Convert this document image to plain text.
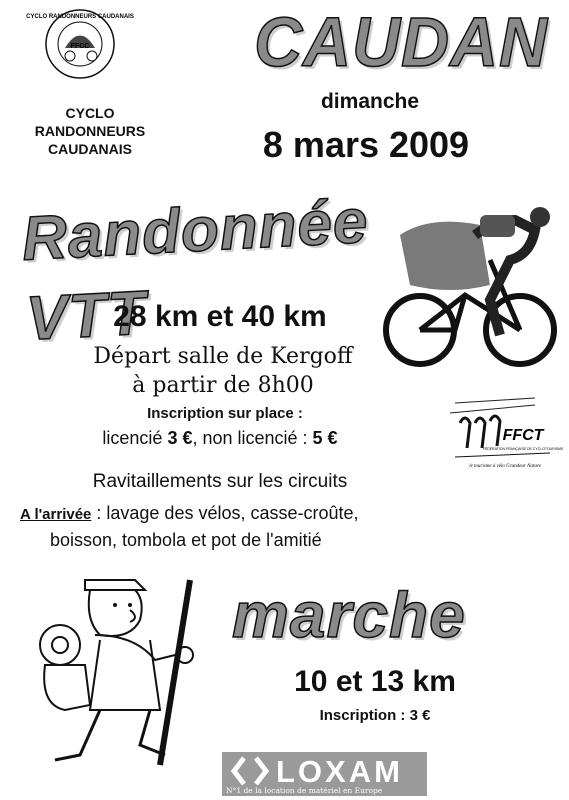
FFCC
CYCLO RANDONNEURS CAUDANAIS
CYCLO
RANDONNEURS
CAUDANAIS
CAUDAN
dimanche
8 mars 2009
Randonnée VTT
28 km et 40 km
Départ salle de Kergoff
à partir de 8h00
Inscription sur place :
licencié 3 €, non licencié : 5 €	FFCT
FÉDÉRATION FRANÇAISE DE CYCLOTOURISME
le tourisme à vélo Grandeur Nature
Ravitaillements sur les circuits
A l'arrivée : lavage des vélos, casse-croûte,
boisson, tombola et pot de l'amitié
marche
10 et 13 km
Inscription : 3 €
LOXAM
N°1 de la location de matériel en Europe
